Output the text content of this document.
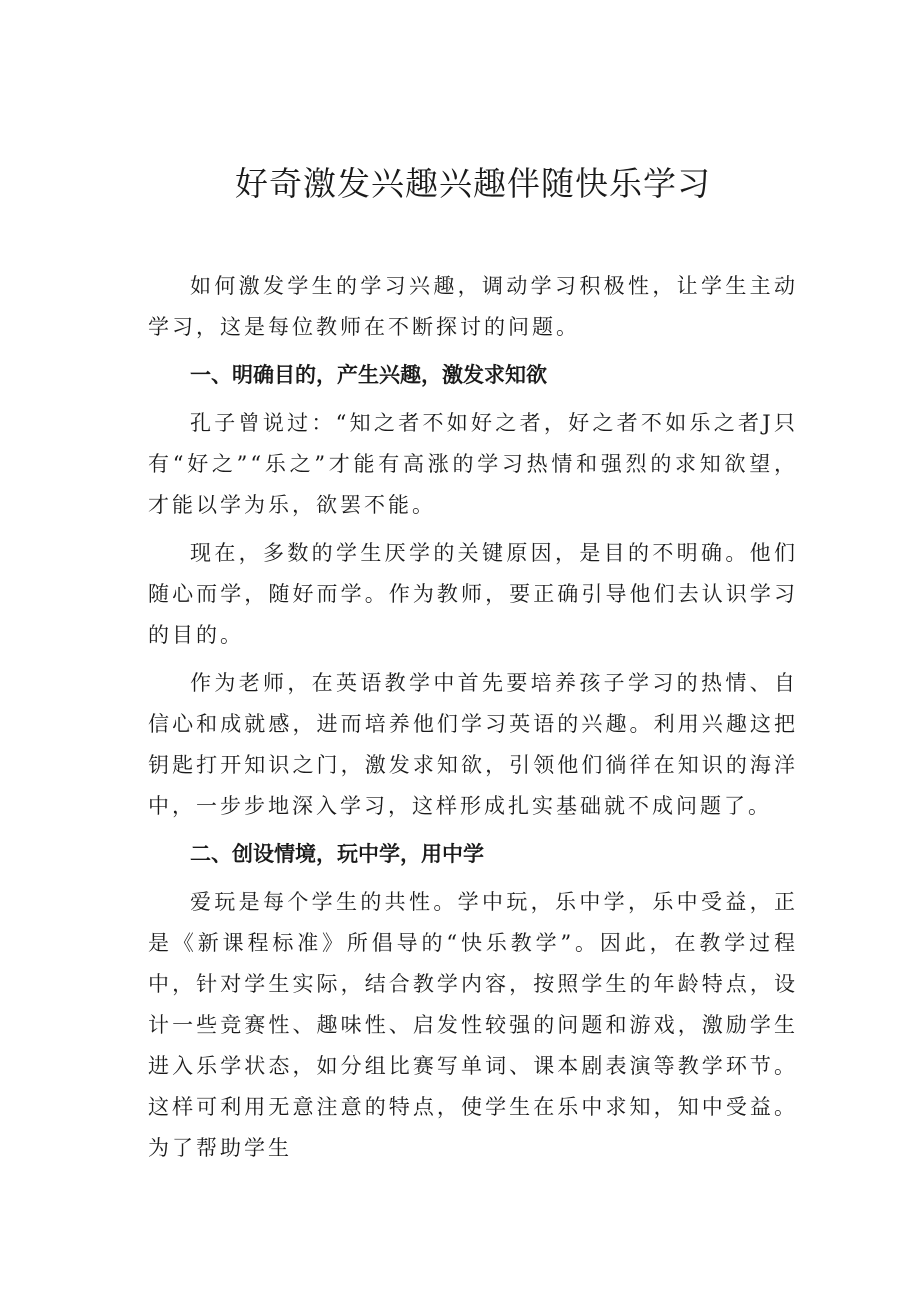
好奇激发兴趣兴趣伴随快乐学习

如何激发学生的学习兴趣，调动学习积极性，让学生主动学习，这是每位教师在不断探讨的问题。

一、明确目的，产生兴趣，激发求知欲

孔子曾说过：“知之者不如好之者，好之者不如乐之者J只有“好之”“乐之”才能有高涨的学习热情和强烈的求知欲望，才能以学为乐，欲罢不能。

现在，多数的学生厌学的关键原因，是目的不明确。他们随心而学，随好而学。作为教师，要正确引导他们去认识学习的目的。

作为老师，在英语教学中首先要培养孩子学习的热情、自信心和成就感，进而培养他们学习英语的兴趣。利用兴趣这把钥匙打开知识之门，激发求知欲，引领他们徜徉在知识的海洋中，一步步地深入学习，这样形成扎实基础就不成问题了。

二、创设情境，玩中学，用中学

爱玩是每个学生的共性。学中玩，乐中学，乐中受益，正是《新课程标准》所倡导的“快乐教学”。因此，在教学过程中，针对学生实际，结合教学内容，按照学生的年龄特点，设计一些竞赛性、趣味性、启发性较强的问题和游戏，激励学生进入乐学状态，如分组比赛写单词、课本剧表演等教学环节。这样可利用无意注意的特点，使学生在乐中求知，知中受益。为了帮助学生
